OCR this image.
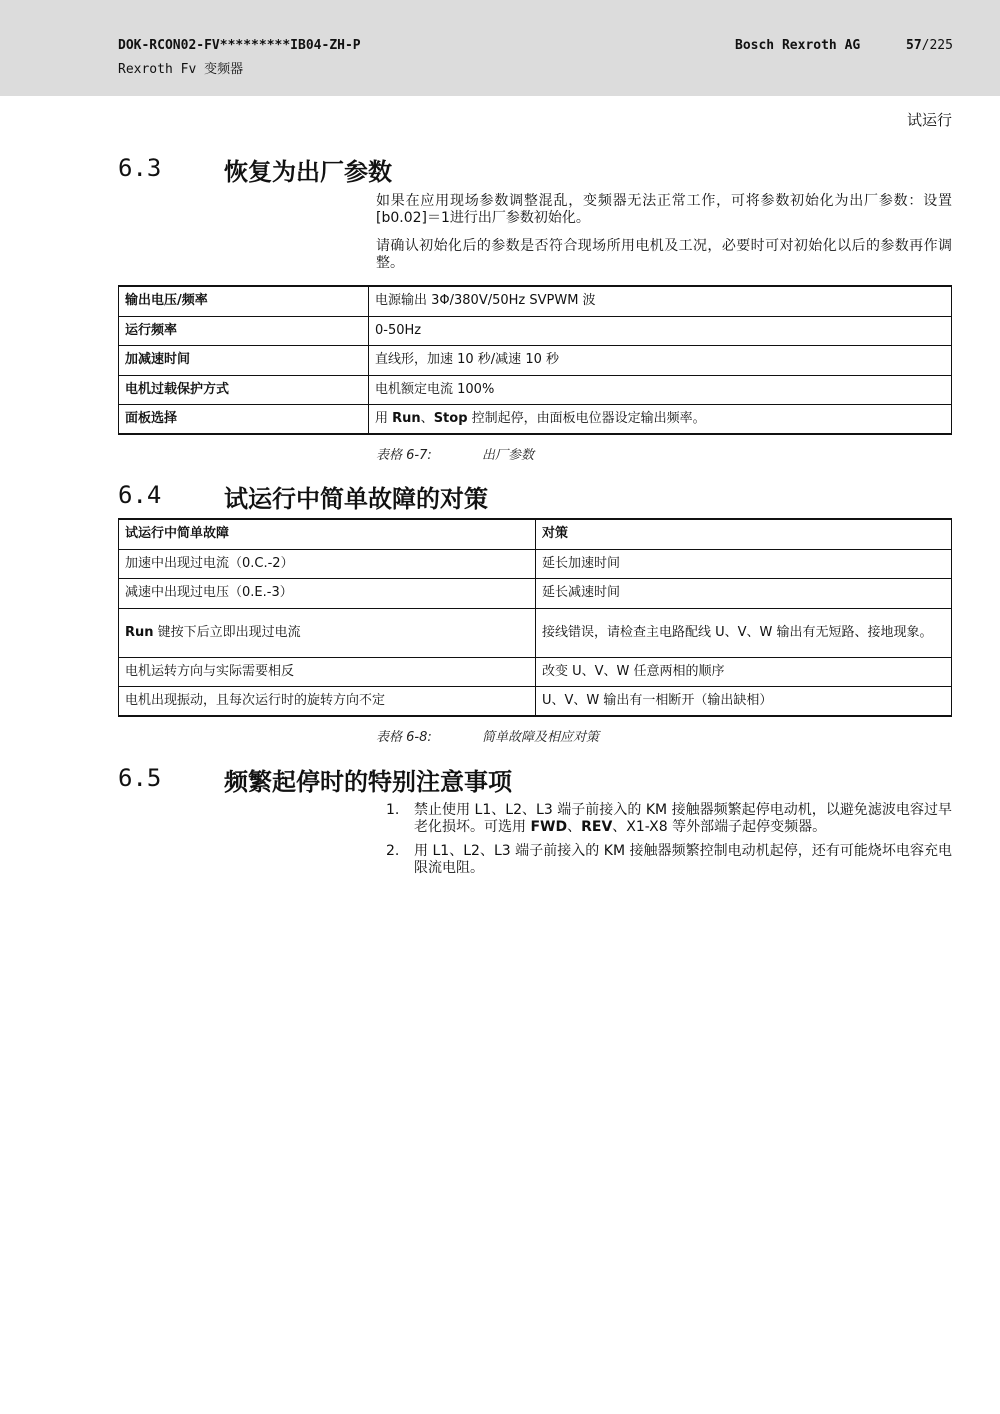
DOK-RCON02-FV*********IB04-ZH-P
Rexroth Fv 变频器
Bosch Rexroth AG	57/225
试运行
6.3	恢复为出厂参数
如果在应用现场参数调整混乱，变频器无法正常工作，可将参数初始化为出厂参数：设置[b0.02]＝1进行出厂参数初始化。
请确认初始化后的参数是否符合现场所用电机及工况，必要时可对初始化以后的参数再作调整。
输出电压/频率	电源输出 3Φ/380V/50Hz SVPWM 波
运行频率	0-50Hz
加减速时间	直线形，加速 10 秒/减速 10 秒
电机过载保护方式	电机额定电流 100%
面板选择	用 Run、Stop 控制起停，由面板电位器设定输出频率。
表格 6-7:	出厂参数
6.4	试运行中简单故障的对策
试运行中简单故障	对策
加速中出现过电流（0.C.-2）	延长加速时间
减速中出现过电压（0.E.-3）	延长减速时间
Run 键按下后立即出现过电流	接线错误，请检查主电路配线 U、V、W 输出有无短路、接地现象。
电机运转方向与实际需要相反	改变 U、V、W 任意两相的顺序
电机出现振动，且每次运行时的旋转方向不定	U、V、W 输出有一相断开（输出缺相）
表格 6-8:	简单故障及相应对策
6.5	频繁起停时的特别注意事项
1. 禁止使用 L1、L2、L3 端子前接入的 KM 接触器频繁起停电动机，以避免滤波电容过早老化损坏。可选用 FWD、REV、X1-X8 等外部端子起停变频器。
2. 用 L1、L2、L3 端子前接入的 KM 接触器频繁控制电动机起停，还有可能烧坏电容充电限流电阻。
